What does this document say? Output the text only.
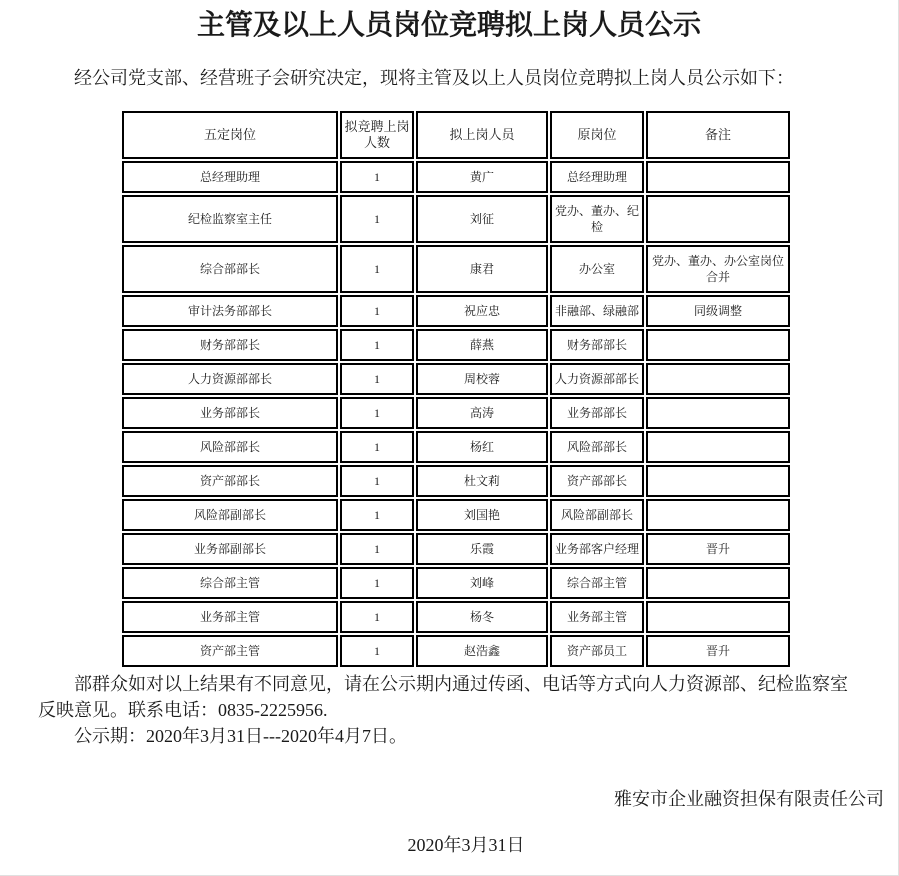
主管及以上人员岗位竞聘拟上岗人员公示

经公司党支部、经营班子会研究决定，现将主管及以上人员岗位竞聘拟上岗人员公示如下：

五定岗位	拟竞聘上岗人数	拟上岗人员	原岗位	备注
总经理助理	1	黄广	总经理助理	
纪检监察室主任	1	刘征	党办、董办、纪检	
综合部部长	1	康君	办公室	党办、董办、办公室岗位合并
审计法务部部长	1	祝应忠	非融部、绿融部	同级调整
财务部部长	1	薛燕	财务部部长	
人力资源部部长	1	周校蓉	人力资源部部长	
业务部部长	1	高涛	业务部部长	
风险部部长	1	杨红	风险部部长	
资产部部长	1	杜文莉	资产部部长	
风险部副部长	1	刘国艳	风险部副部长	
业务部副部长	1	乐霞	业务部客户经理	晋升
综合部主管	1	刘峰	综合部主管	
业务部主管	1	杨冬	业务部主管	
资产部主管	1	赵浩鑫	资产部员工	晋升

部群众如对以上结果有不同意见，请在公示期内通过传函、电话等方式向人力资源部、纪检监察室反映意见。联系电话：0835-2225956.

公示期：2020年3月31日---2020年4月7日。

雅安市企业融资担保有限责任公司

2020年3月31日
